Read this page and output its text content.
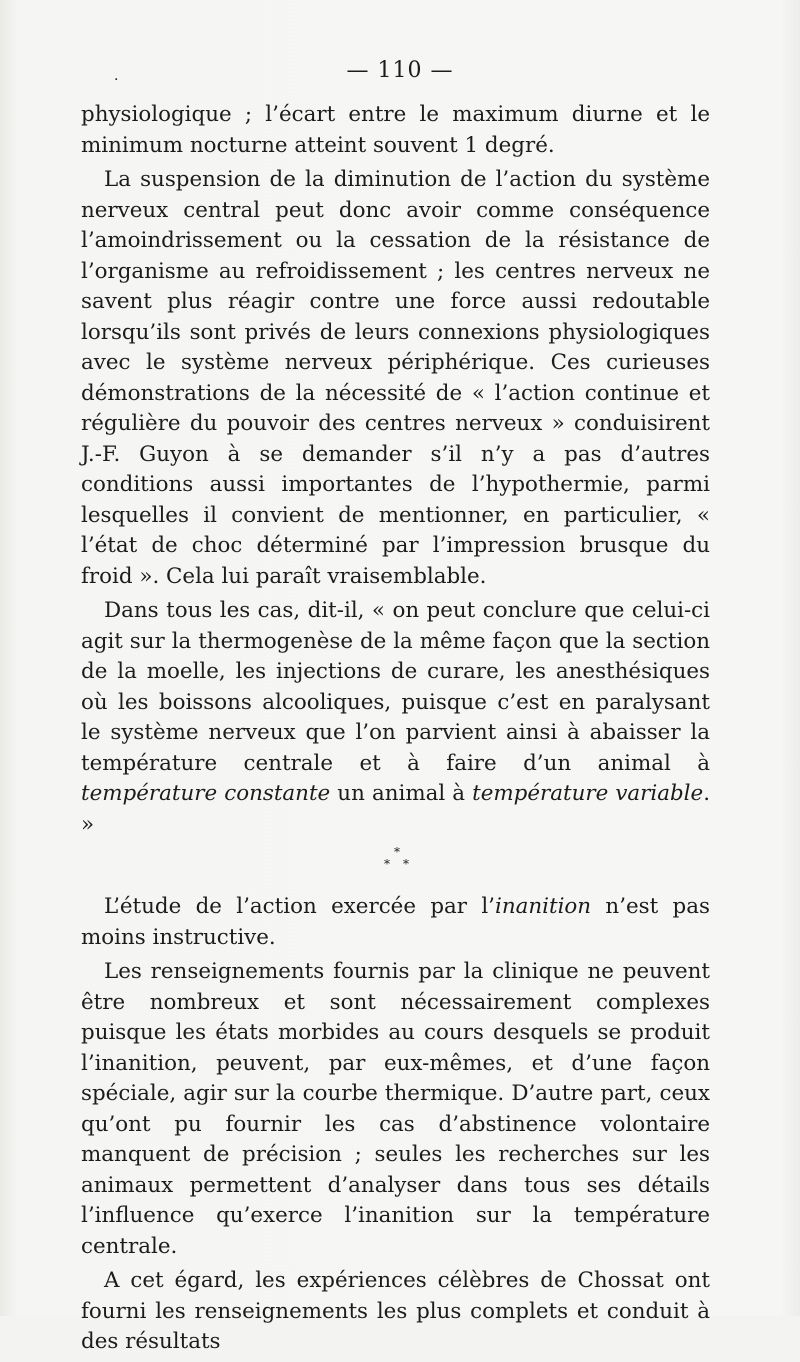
— 110 —
.

physiologique ; l’écart entre le maximum diurne et le minimum nocturne atteint souvent 1 degré.

La suspension de la diminution de l’action du système nerveux central peut donc avoir comme conséquence l’amoindrissement ou la cessation de la résistance de l’organisme au refroidissement ; les centres nerveux ne savent plus réagir contre une force aussi redoutable lorsqu’ils sont privés de leurs connexions physiologiques avec le système nerveux périphérique. Ces curieuses démonstrations de la nécessité de « l’action continue et régulière du pouvoir des centres nerveux » conduisirent J.-F. Guyon à se demander s’il n’y a pas d’autres conditions aussi importantes de l’hypothermie, parmi lesquelles il convient de mentionner, en particulier, « l’état de choc déterminé par l’impression brusque du froid ». Cela lui paraît vraisemblable.

Dans tous les cas, dit-il, « on peut conclure que celui-ci agit sur la thermogenèse de la même façon que la section de la moelle, les injections de curare, les anesthésiques où les boissons alcooliques, puisque c’est en paralysant le système nerveux que l’on parvient ainsi à abaisser la température centrale et à faire d’un animal à température constante un animal à température variable. »

*
* *

L’étude de l’action exercée par l’inanition n’est pas moins instructive.

Les renseignements fournis par la clinique ne peuvent être nombreux et sont nécessairement complexes puisque les états morbides au cours desquels se produit l’inanition, peuvent, par eux-mêmes, et d’une façon spéciale, agir sur la courbe thermique. D’autre part, ceux qu’ont pu fournir les cas d’abstinence volontaire manquent de précision ; seules les recherches sur les animaux permettent d’analyser dans tous ses détails l’influence qu’exerce l’inanition sur la température centrale.

A cet égard, les expériences célèbres de Chossat ont fourni les renseignements les plus complets et conduit à des résultats
